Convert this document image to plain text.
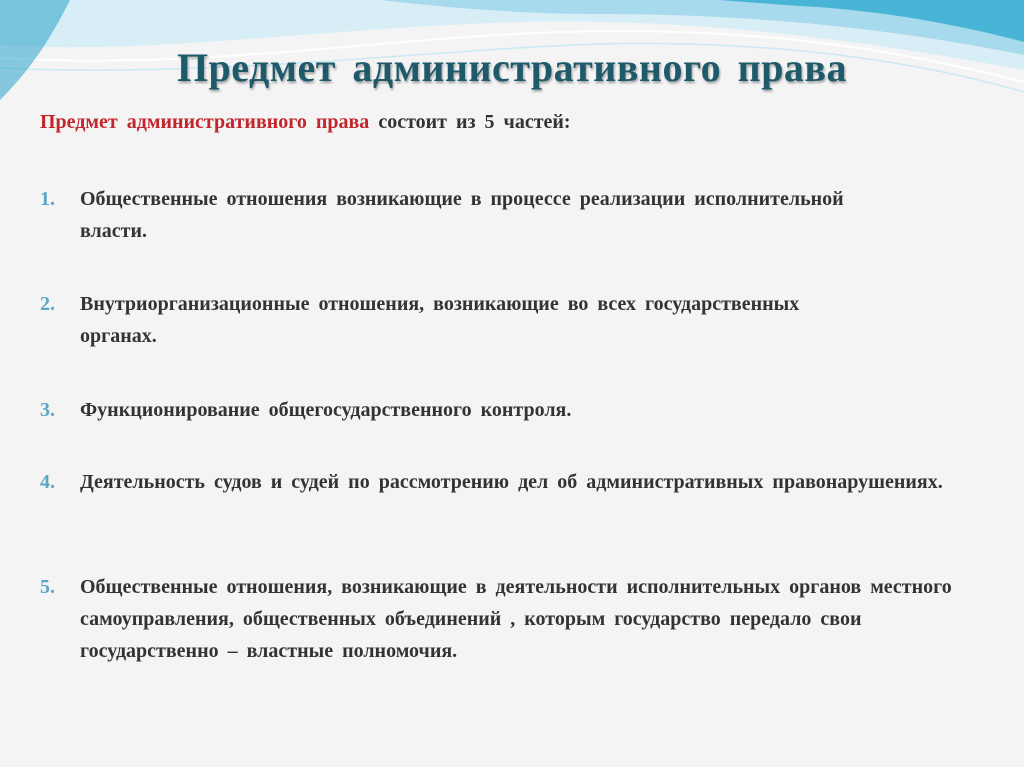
Предмет административного права
Предмет административного права состоит из 5 частей:
1. Общественные отношения возникающие в процессе реализации исполнительной власти.
2. Внутриорганизационные отношения, возникающие во всех государственных органах.
3. Функционирование общегосударственного контроля.
4. Деятельность судов и судей по рассмотрению дел об административных правонарушениях.
5. Общественные отношения, возникающие в деятельности исполнительных органов местного самоуправления, общественных объединений , которым государство передало свои государственно – властные полномочия.
